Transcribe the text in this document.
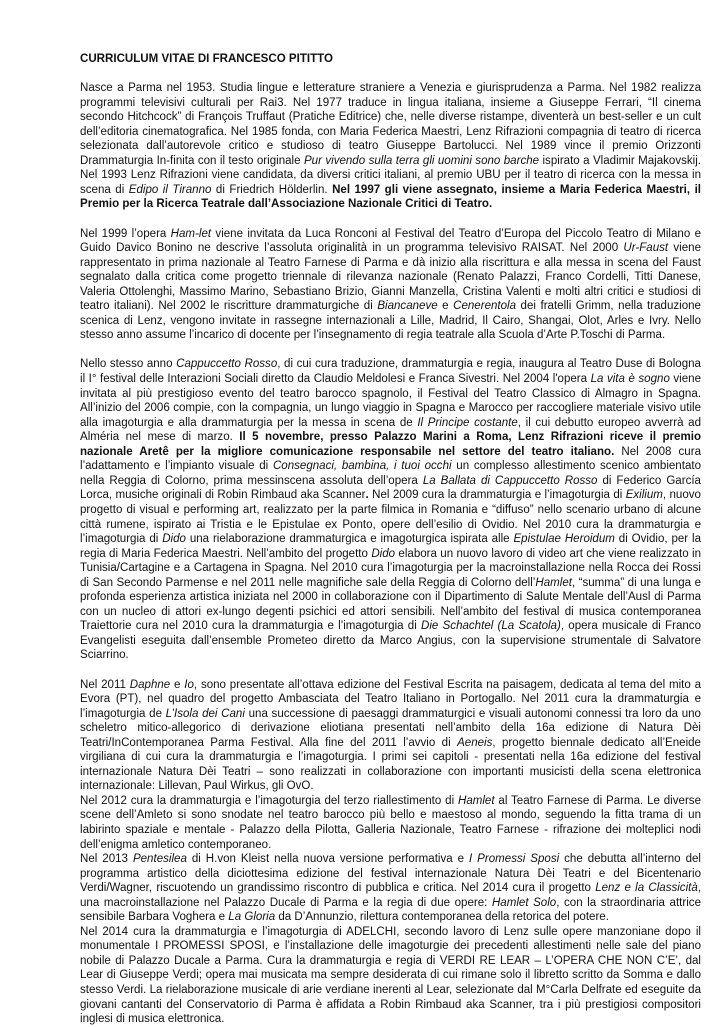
CURRICULUM VITAE DI FRANCESCO PITITTO

Nasce a Parma nel 1953. Studia lingue e letterature straniere a Venezia e giurisprudenza a Parma. Nel 1982 realizza programmi televisivi culturali per Rai3. Nel 1977 traduce in lingua italiana, insieme a Giuseppe Ferrari, “Il cinema secondo Hitchcock” di François Truffaut (Pratiche Editrice) che, nelle diverse ristampe, diventerà un best-seller e un cult dell’editoria cinematografica. Nel 1985 fonda, con Maria Federica Maestri, Lenz Rifrazioni compagnia di teatro di ricerca selezionata dall’autorevole critico e studioso di teatro Giuseppe Bartolucci. Nel 1989 vince il premio Orizzonti Drammaturgia In-finita con il testo originale Pur vivendo sulla terra gli uomini sono barche ispirato a Vladimir Majakovskij. Nel 1993 Lenz Rifrazioni viene candidata, da diversi critici italiani, al premio UBU per il teatro di ricerca con la messa in scena di Edipo il Tiranno di Friedrich Hölderlin. Nel 1997 gli viene assegnato, insieme a Maria Federica Maestri, il Premio per la Ricerca Teatrale dall’Associazione Nazionale Critici di Teatro.

Nel 1999 l’opera Ham-let viene invitata da Luca Ronconi al Festival del Teatro d’Europa del Piccolo Teatro di Milano e Guido Davico Bonino ne descrive l’assoluta originalità in un programma televisivo RAISAT. Nel 2000 Ur-Faust viene rappresentato in prima nazionale al Teatro Farnese di Parma e dà inizio alla riscrittura e alla messa in scena del Faust segnalato dalla critica come progetto triennale di rilevanza nazionale (Renato Palazzi, Franco Cordelli, Titti Danese, Valeria Ottolenghi, Massimo Marino, Sebastiano Brizio, Gianni Manzella, Cristina Valenti e molti altri critici e studiosi di teatro italiani). Nel 2002 le riscritture drammaturgiche di Biancaneve e Cenerentola dei fratelli Grimm, nella traduzione scenica di Lenz, vengono invitate in rassegne internazionali a Lille, Madrid, Il Cairo, Shangai, Olot, Arles e Ivry. Nello stesso anno assume l’incarico di docente per l’insegnamento di regia teatrale alla Scuola d’Arte P.Toschi di Parma.

Nello stesso anno Cappuccetto Rosso, di cui cura traduzione, drammaturgia e regia, inaugura al Teatro Duse di Bologna il I° festival delle Interazioni Sociali diretto da Claudio Meldolesi e Franca Sivestri. Nel 2004 l'opera La vita è sogno viene invitata al più prestigioso evento del teatro barocco spagnolo, il Festival del Teatro Classico di Almagro in Spagna. All’inizio del 2006 compie, con la compagnia, un lungo viaggio in Spagna e Marocco per raccogliere materiale visivo utile alla imagoturgia e alla drammaturgia per la messa in scena de Il Principe costante, il cui debutto europeo avverrà ad Alméria nel mese di marzo. Il 5 novembre, presso Palazzo Marini a Roma, Lenz Rifrazioni riceve il premio nazionale Aretê per la migliore comunicazione responsabile nel settore del teatro italiano. Nel 2008 cura l’adattamento e l’impianto visuale di Consegnaci, bambina, i tuoi occhi un complesso allestimento scenico ambientato nella Reggia di Colorno, prima messinscena assoluta dell’opera La Ballata di Cappuccetto Rosso di Federico García Lorca, musiche originali di Robin Rimbaud aka Scanner. Nel 2009 cura la drammaturgia e l’imagoturgia di Exilium, nuovo progetto di visual e performing art, realizzato per la parte filmica in Romania e “diffuso” nello scenario urbano di alcune città rumene, ispirato ai Tristia e le Epistulae ex Ponto, opere dell’esilio di Ovidio. Nel 2010 cura la drammaturgia e l’imagoturgia di Dido una rielaborazione drammaturgica e imagoturgica ispirata alle Epistulae Heroidum di Ovidio, per la regia di Maria Federica Maestri. Nell’ambito del progetto Dido elabora un nuovo lavoro di video art che viene realizzato in Tunisia/Cartagine e a Cartagena in Spagna. Nel 2010 cura l’imagoturgia per la macroinstallazione nella Rocca dei Rossi di San Secondo Parmense e nel 2011 nelle magnifiche sale della Reggia di Colorno dell’Hamlet, “summa” di una lunga e profonda esperienza artistica iniziata nel 2000 in collaborazione con il Dipartimento di Salute Mentale dell’Ausl di Parma con un nucleo di attori ex-lungo degenti psichici ed attori sensibili. Nell’ambito del festival di musica contemporanea Traiettorie cura nel 2010 cura la drammaturgia e l’imagoturgia di Die Schachtel (La Scatola), opera musicale di Franco Evangelisti eseguita dall’ensemble Prometeo diretto da Marco Angius, con la supervisione strumentale di Salvatore Sciarrino.

Nel 2011 Daphne e Io, sono presentate all’ottava edizione del Festival Escrita na paisagem, dedicata al tema del mito a Evora (PT), nel quadro del progetto Ambasciata del Teatro Italiano in Portogallo. Nel 2011 cura la drammaturgia e l’imagoturgia de L’Isola dei Cani una successione di paesaggi drammaturgici e visuali autonomi connessi tra loro da uno scheletro mitico-allegorico di derivazione eliotiana presentati nell’ambito della 16a edizione di Natura Dèi Teatri/InContemporanea Parma Festival. Alla fine del 2011 l’avvio di Aeneis, progetto biennale dedicato all’Eneide virgiliana di cui cura la drammaturgia e l’imagoturgia. I primi sei capitoli - presentati nella 16a edizione del festival internazionale Natura Dèi Teatri – sono realizzati in collaborazione con importanti musicisti della scena elettronica internazionale: Lillevan, Paul Wirkus, gli OvO.

Nel 2012 cura la drammaturgia e l’imagoturgia del terzo riallestimento di Hamlet al Teatro Farnese di Parma. Le diverse scene dell’Amleto si sono snodate nel teatro barocco più bello e maestoso al mondo, seguendo la fitta trama di un labirinto spaziale e mentale - Palazzo della Pilotta, Galleria Nazionale, Teatro Farnese - rifrazione dei molteplici nodi dell’enigma amletico contemporaneo.

Nel 2013 Pentesilea di H.von Kleist nella nuova versione performativa e I Promessi Sposi che debutta all’interno del programma artistico della diciottesima edizione del festival internazionale Natura Dèi Teatri e del Bicentenario Verdi/Wagner, riscuotendo un grandissimo riscontro di pubblica e critica. Nel 2014 cura il progetto Lenz e la Classicità, una macroinstallazione nel Palazzo Ducale di Parma e la regia di due opere: Hamlet Solo, con la straordinaria attrice sensibile Barbara Voghera e La Gloria da D’Annunzio, rilettura contemporanea della retorica del potere.

Nel 2014 cura la drammaturgia e l’imagoturgia di ADELCHI, secondo lavoro di Lenz sulle opere manzoniane dopo il monumentale I PROMESSI SPOSI, e l’installazione delle imagoturgie dei precedenti allestimenti nelle sale del piano nobile di Palazzo Ducale a Parma. Cura la drammaturgia e regia di VERDI RE LEAR – L’OPERA CHE NON C’E’, dal Lear di Giuseppe Verdi; opera mai musicata ma sempre desiderata di cui rimane solo il libretto scritto da Somma e dallo stesso Verdi. La rielaborazione musicale di arie verdiane inerenti al Lear, selezionate dal M°Carla Delfrate ed eseguite da giovani cantanti del Conservatorio di Parma è affidata a Robin Rimbaud aka Scanner, tra i più prestigiosi compositori inglesi di musica elettronica.
